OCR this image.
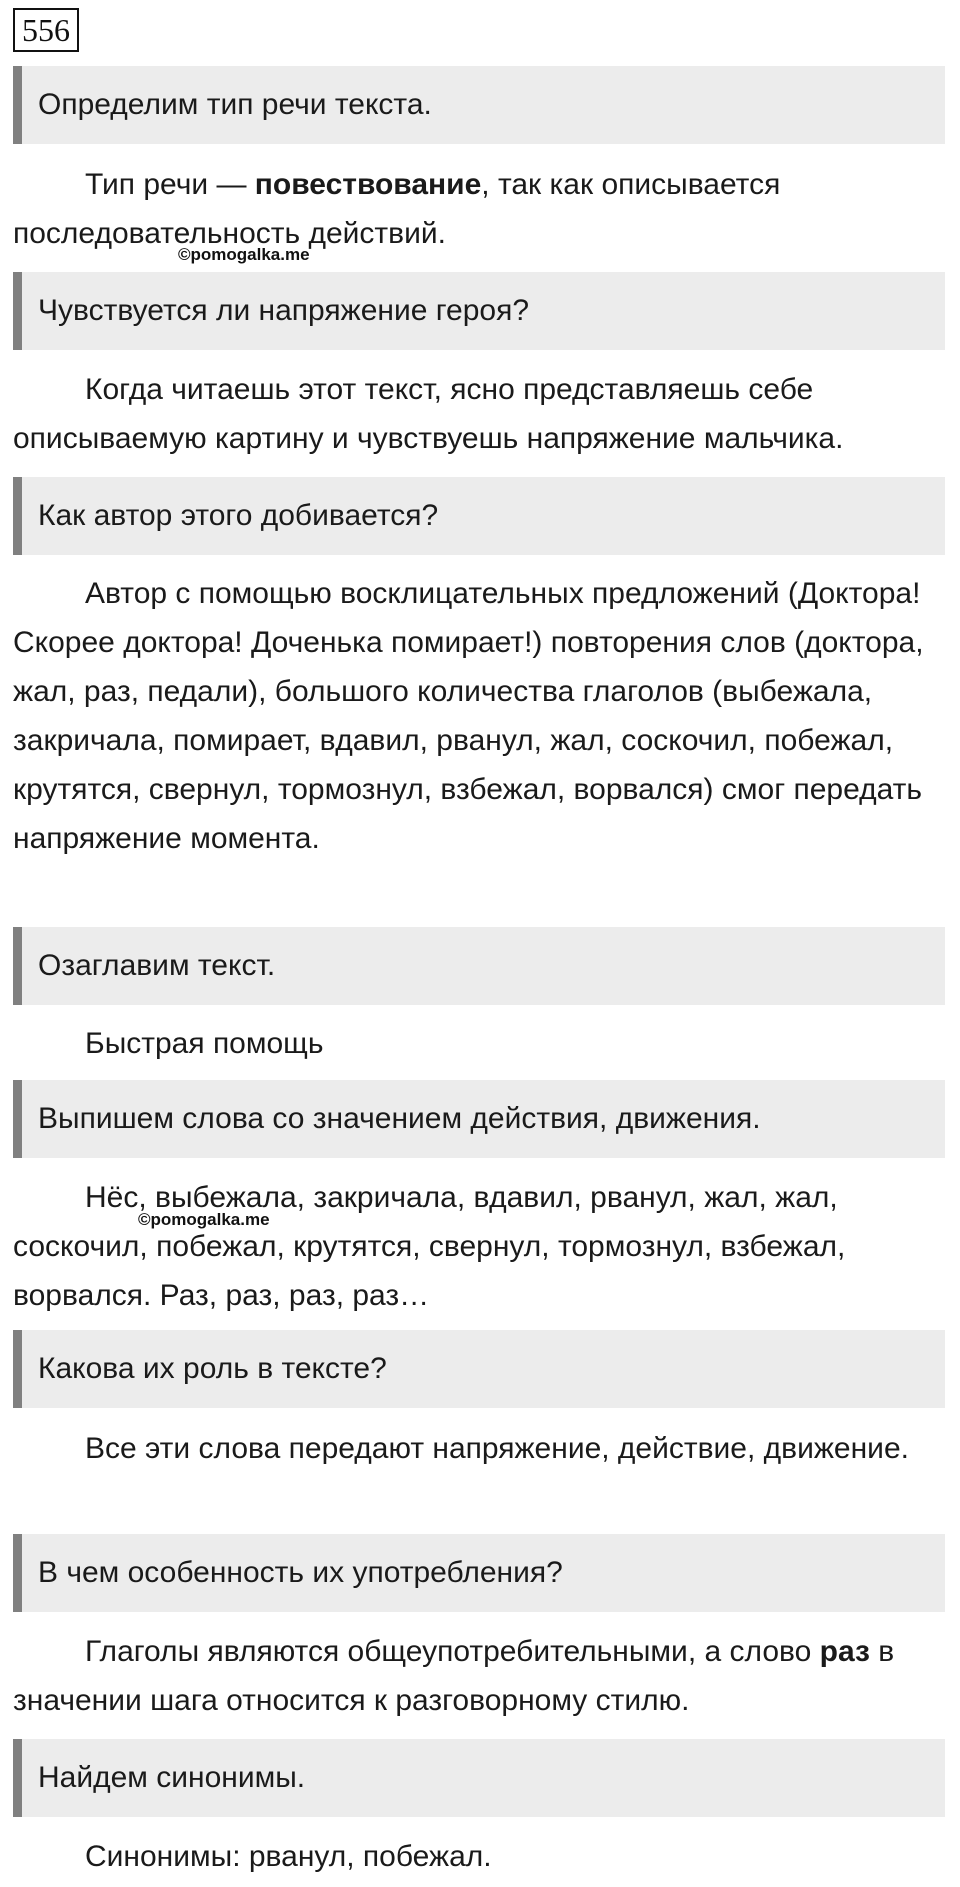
556
Определим тип речи текста.

Тип речи — повествование, так как описывается последовательность действий.

©pomogalka.me
Чувствуется ли напряжение героя?

Когда читаешь этот текст, ясно представляешь себе описываемую картину и чувствуешь напряжение мальчика.

Как автор этого добивается?

Автор с помощью восклицательных предложений (Доктора! Скорее доктора! Доченька помирает!) повторения слов (доктора, жал, раз, педали), большого количества глаголов (выбежала, закричала, помирает, вдавил, рванул, жал, соскочил, побежал, крутятся, свернул, тормознул, взбежал, ворвался) смог передать напряжение момента.

Озаглавим текст.

Быстрая помощь

Выпишем слова со значением действия, движения.

Нёс, выбежала, закричала, вдавил, рванул, жал, жал, соскочил, побежал, крутятся, свернул, тормознул, взбежал, ворвался. Раз, раз, раз, раз…

©pomogalka.me
Какова их роль в тексте?

Все эти слова передают напряжение, действие, движение.

В чем особенность их употребления?

Глаголы являются общеупотребительными, а слово раз в значении шага относится к разговорному стилю.

Найдем синонимы.

Синонимы: рванул, побежал.
